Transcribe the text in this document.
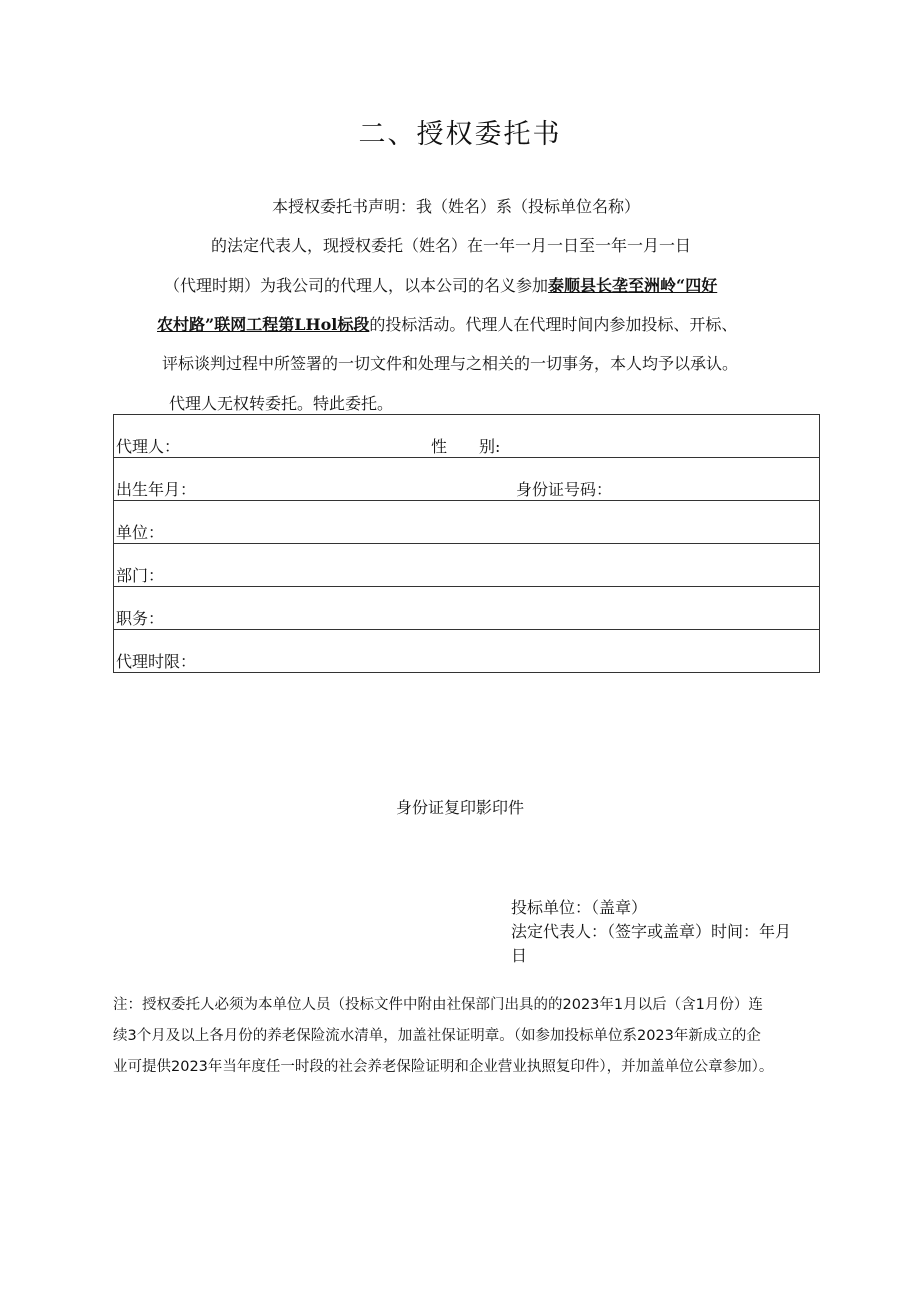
二、授权委托书
本授权委托书声明：我（姓名）系（投标单位名称）
的法定代表人，现授权委托（姓名）在一年一月一日至一年一月一日
（代理时期）为我公司的代理人，以本公司的名义参加泰顺县长垄至洲岭“四好
农村路”联网工程第LHol标段的投标活动。代理人在代理时间内参加投标、开标、
评标谈判过程中所签署的一切文件和处理与之相关的一切事务，本人均予以承认。
代理人无权转委托。特此委托。
代理人：	性　　别:

出生年月：	身份证号码：

单位：

部门：

职务：

代理时限：
身份证复印影印件
投标单位：（盖章）
法定代表人：（签字或盖章）时间：年月
日
注：授权委托人必须为本单位人员（投标文件中附由社保部门出具的的2023年1月以后（含1月份）连
续3个月及以上各月份的养老保险流水清单，加盖社保证明章。（如参加投标单位系2023年新成立的企
业可提供2023年当年度任一时段的社会养老保险证明和企业营业执照复印件），并加盖单位公章参加）。
